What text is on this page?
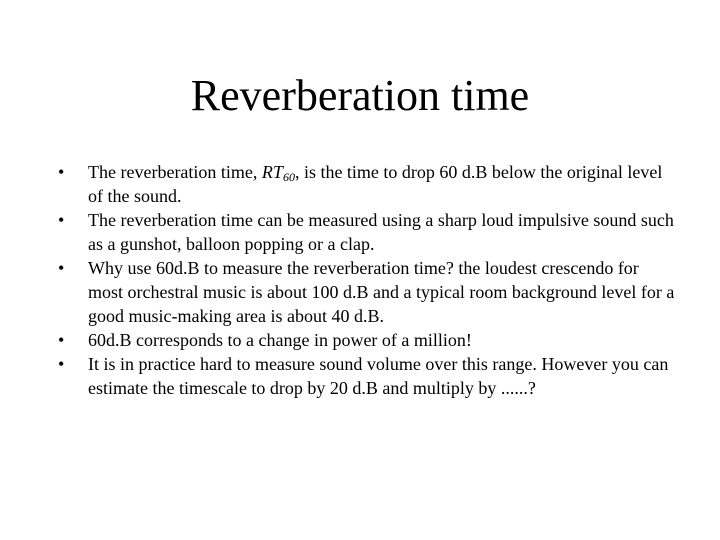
Reverberation time
•	The reverberation time, RT60, is the time to drop 60 d.B below the original level of the sound.
•	The reverberation time can be measured using a sharp loud impulsive sound such as a gunshot, balloon popping or a clap.
•	Why use 60d.B to measure the reverberation time? the loudest crescendo for most orchestral music is about 100 d.B and a typical room background level for a good music-making area is about 40 d.B.
•	60d.B corresponds to a change in power of a million!
•	It is in practice hard to measure sound volume over this range. However you can estimate the timescale to drop by 20 d.B and multiply by ......?
